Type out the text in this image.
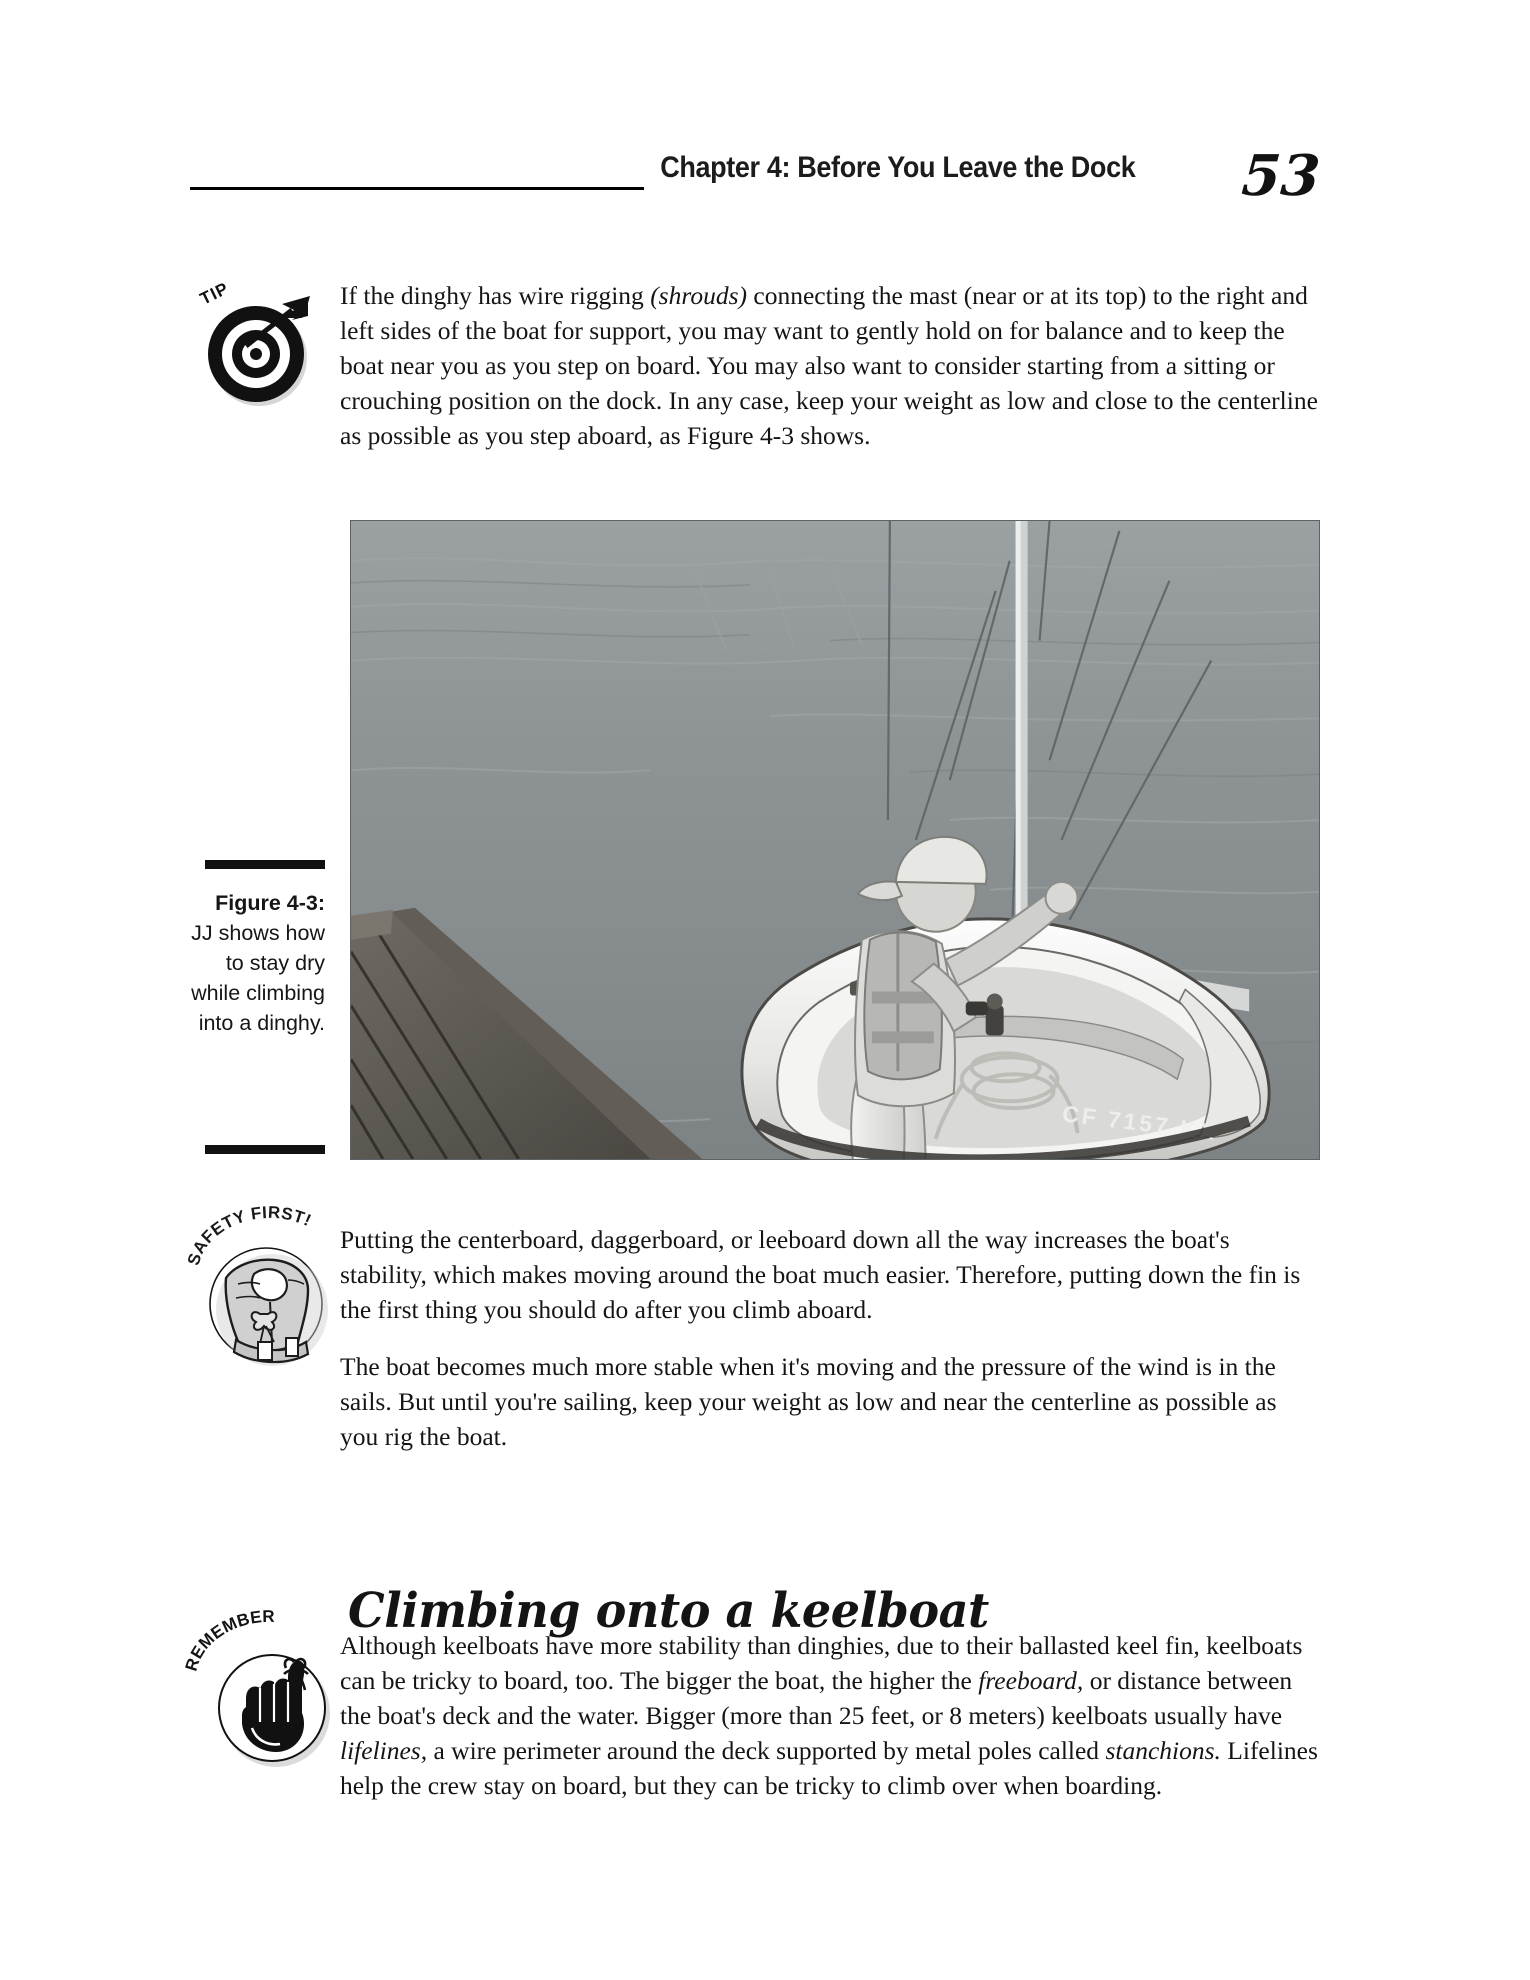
Chapter 4: Before You Leave the Dock 53
TIP	If the dinghy has wire rigging (shrouds) connecting the mast (near or at its top) to the right and left sides of the boat for support, you may want to gently hold on for balance and to keep the boat near you as you step on board. You may also want to consider starting from a sitting or crouching position on the dock. In any case, keep your weight as low and close to the centerline as possible as you step aboard, as Figure 4-3 shows.

Figure 4-3:
JJ shows how to stay dry while climbing into a dinghy.
CF 7157 KX
SAFETY FIRST!

Putting the centerboard, daggerboard, or leeboard down all the way increases the boat's stability, which makes moving around the boat much easier. Therefore, putting down the fin is the first thing you should do after you climb aboard.

The boat becomes much more stable when it's moving and the pressure of the wind is in the sails. But until you're sailing, keep your weight as low and near the centerline as possible as you rig the boat.

Climbing onto a keelboat
REMEMBER

Although keelboats have more stability than dinghies, due to their ballasted keel fin, keelboats can be tricky to board, too. The bigger the boat, the higher the freeboard, or distance between the boat's deck and the water. Bigger (more than 25 feet, or 8 meters) keelboats usually have lifelines, a wire perimeter around the deck supported by metal poles called stanchions. Lifelines help the crew stay on board, but they can be tricky to climb over when boarding.
